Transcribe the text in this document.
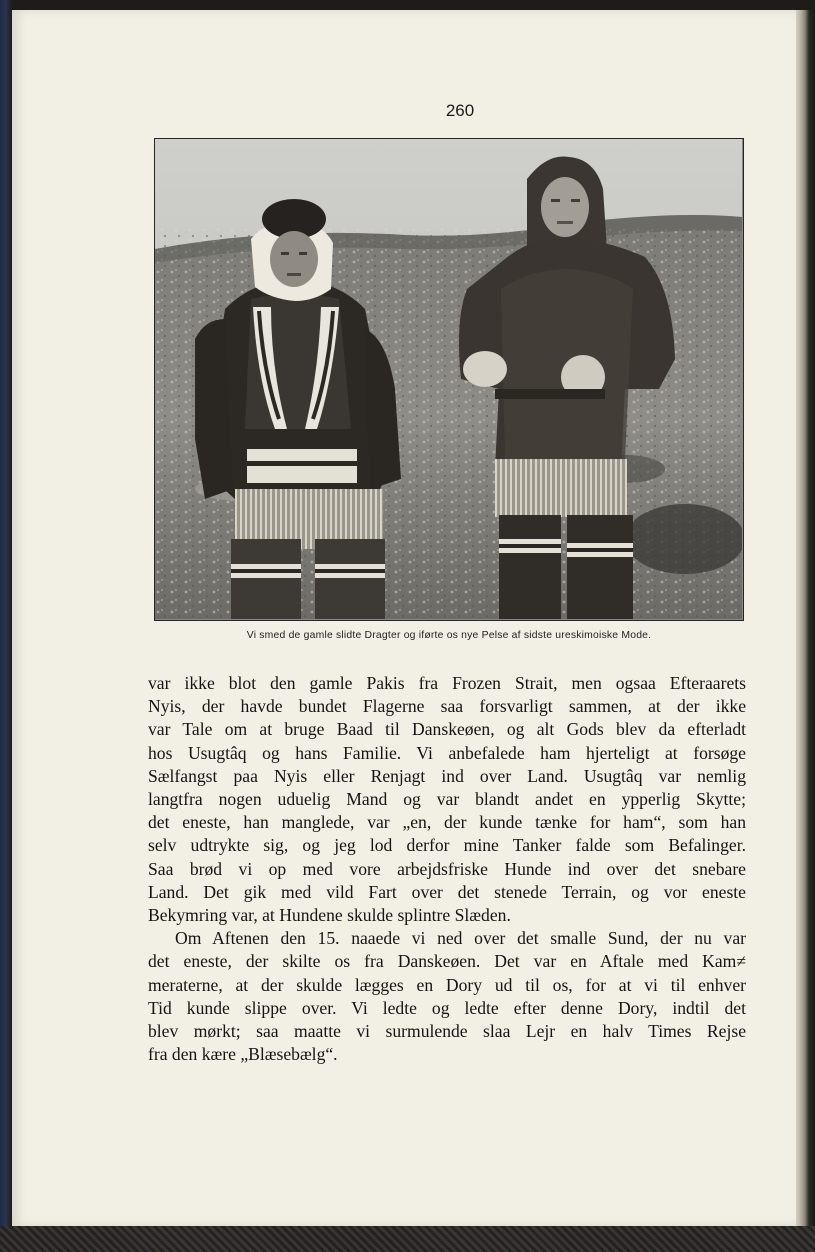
260
Vi smed de gamle slidte Dragter og iførte os nye Pelse af sidste ureskimoiske Mode.

var ikke blot den gamle Pakis fra Frozen Strait, men ogsaa Efteraarets
Nyis, der havde bundet Flagerne saa forsvarligt sammen, at der ikke
var Tale om at bruge Baad til Danskeøen, og alt Gods blev da efterladt
hos Usugtâq og hans Familie. Vi anbefalede ham hjerteligt at forsøge
Sælfangst paa Nyis eller Renjagt ind over Land. Usugtâq var nemlig
langtfra nogen uduelig Mand og var blandt andet en ypperlig Skytte;
det eneste, han manglede, var „en, der kunde tænke for ham“, som han
selv udtrykte sig, og jeg lod derfor mine Tanker falde som Befalinger.
Saa brød vi op med vore arbejdsfriske Hunde ind over det snebare
Land. Det gik med vild Fart over det stenede Terrain, og vor eneste
Bekymring var, at Hundene skulde splintre Slæden.

Om Aftenen den 15. naaede vi ned over det smalle Sund, der nu var
det eneste, der skilte os fra Danskeøen. Det var en Aftale med Kam≠
meraterne, at der skulde lægges en Dory ud til os, for at vi til enhver
Tid kunde slippe over. Vi ledte og ledte efter denne Dory, indtil det
blev mørkt; saa maatte vi surmulende slaa Lejr en halv Times Rejse
fra den kære „Blæsebælg“.
